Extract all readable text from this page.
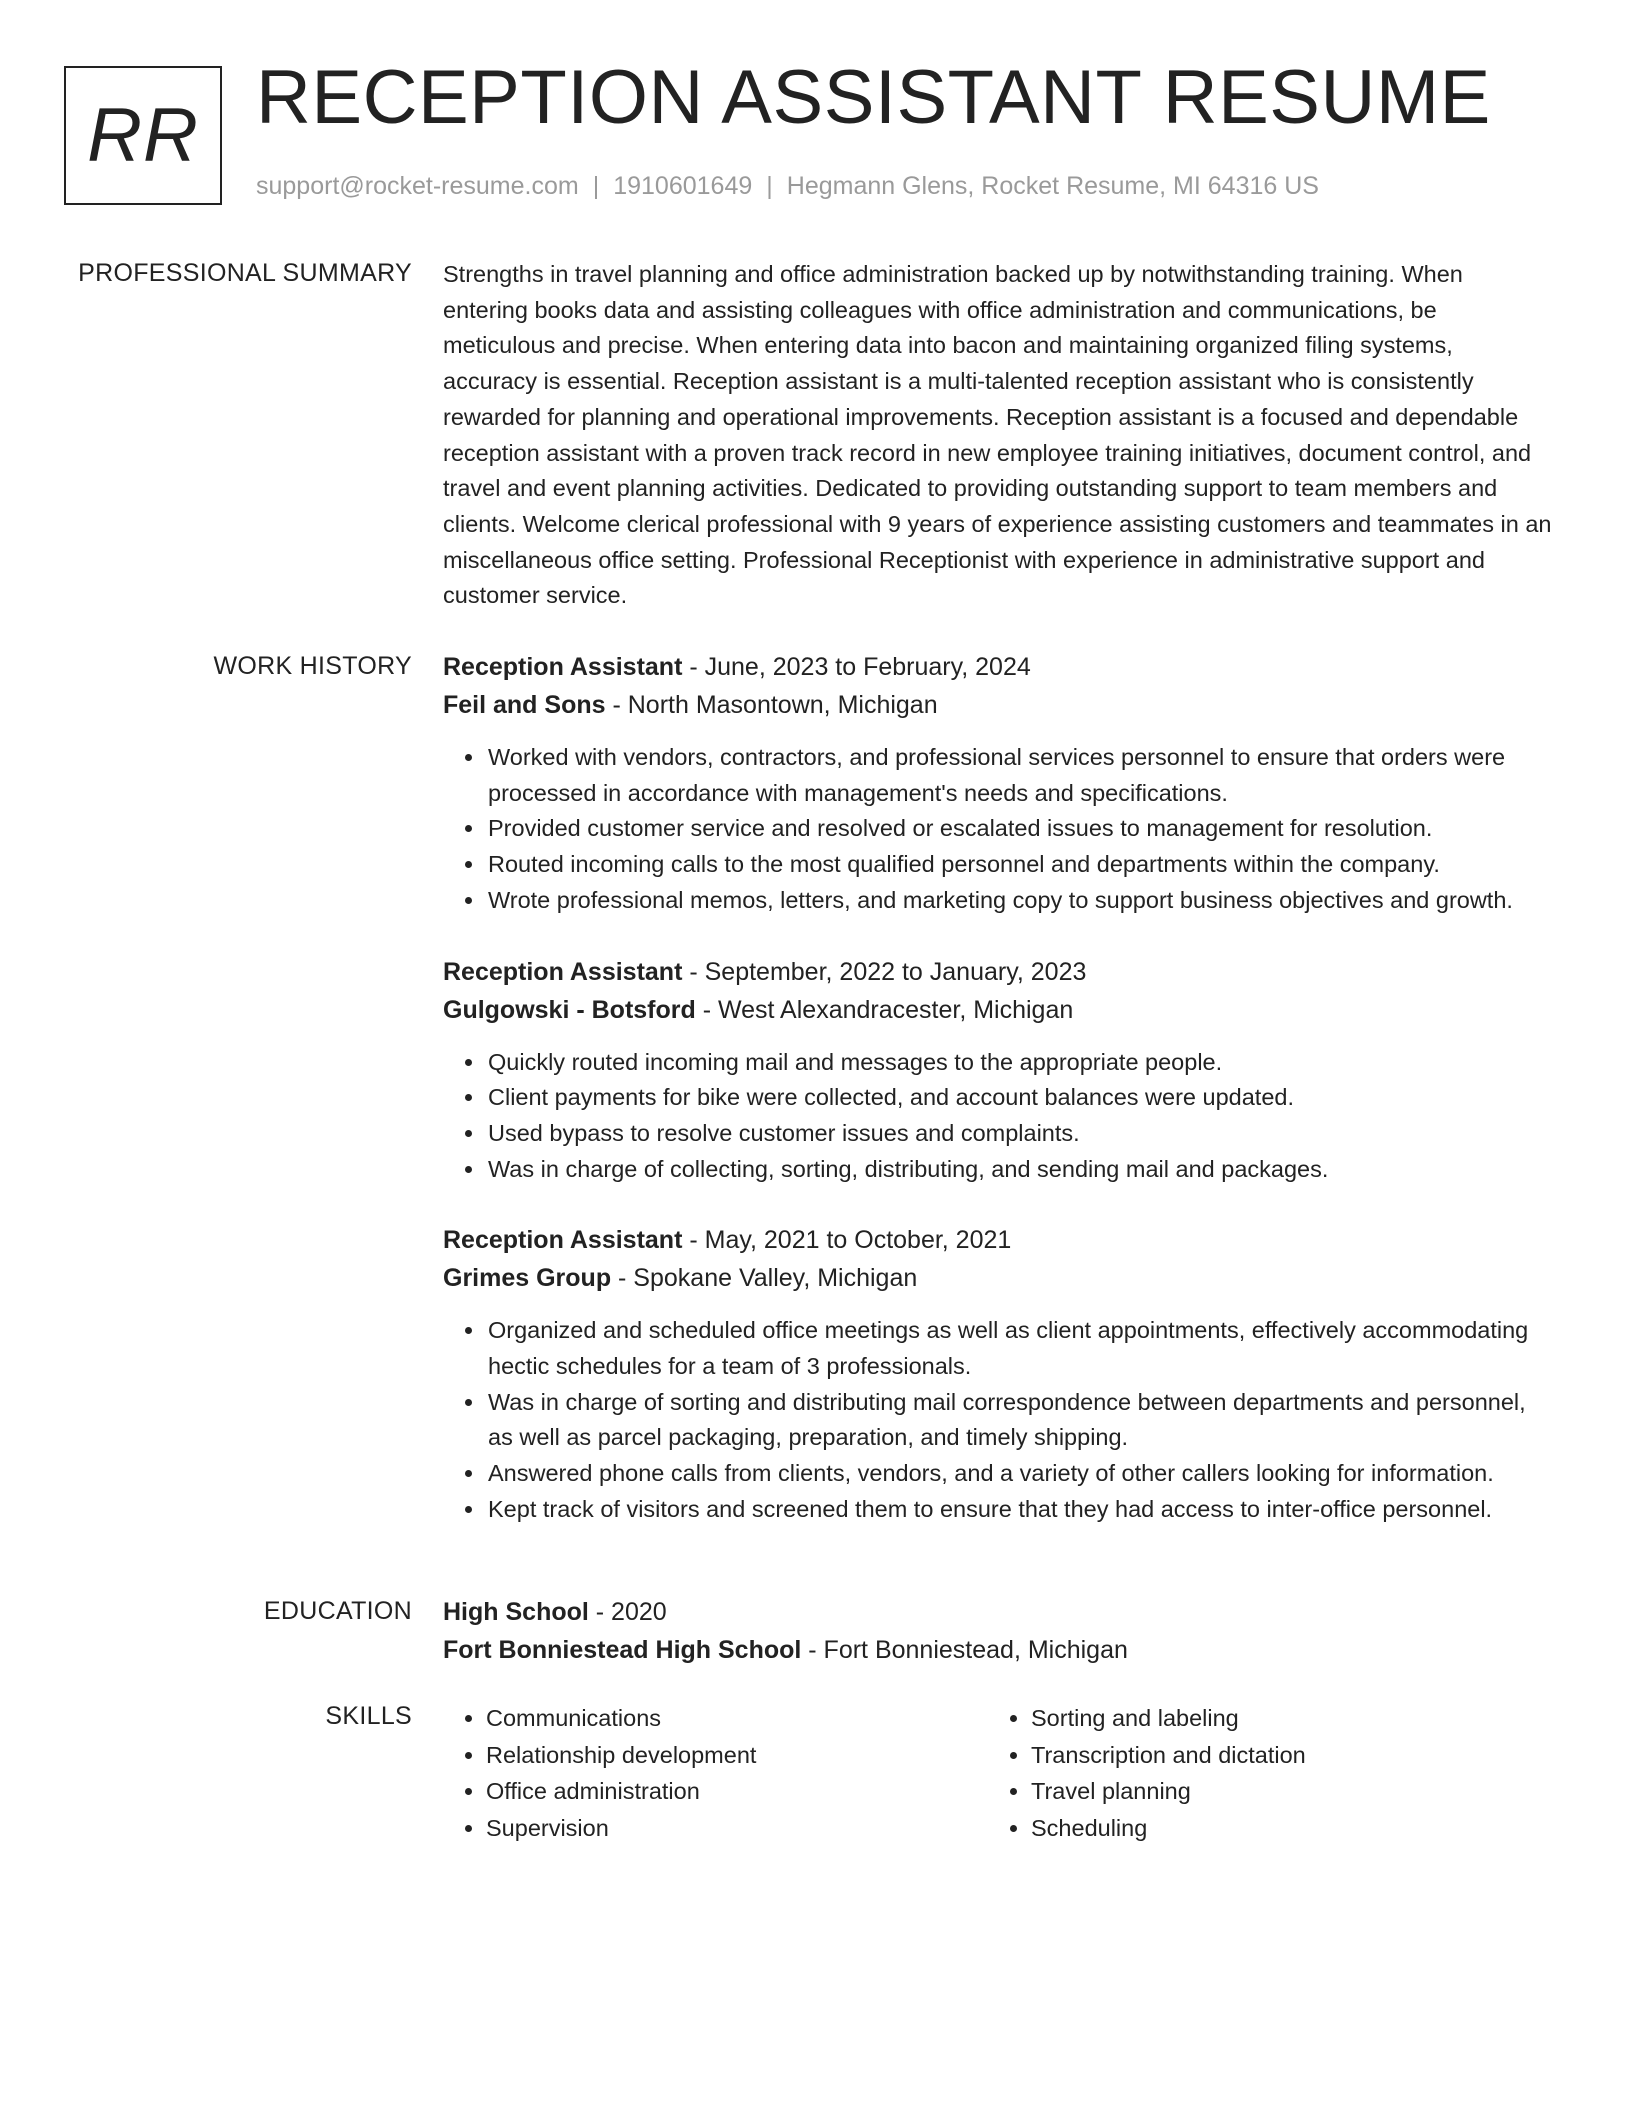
RR RECEPTION ASSISTANT RESUME
support@rocket-resume.com | 1910601649 | Hegmann Glens, Rocket Resume, MI 64316 US
PROFESSIONAL SUMMARY Strengths in travel planning and office administration backed up by notwithstanding training. When entering books data and assisting colleagues with office administration and communications, be meticulous and precise. When entering data into bacon and maintaining organized filing systems, accuracy is essential. Reception assistant is a multi-talented reception assistant who is consistently rewarded for planning and operational improvements. Reception assistant is a focused and dependable reception assistant with a proven track record in new employee training initiatives, document control, and travel and event planning activities. Dedicated to providing outstanding support to team members and clients. Welcome clerical professional with 9 years of experience assisting customers and teammates in an miscellaneous office setting. Professional Receptionist with experience in administrative support and customer service.

WORK HISTORY Reception Assistant - June, 2023 to February, 2024
Feil and Sons - North Masontown, Michigan
• Worked with vendors, contractors, and professional services personnel to ensure that orders were processed in accordance with management's needs and specifications.
• Provided customer service and resolved or escalated issues to management for resolution.
• Routed incoming calls to the most qualified personnel and departments within the company.
• Wrote professional memos, letters, and marketing copy to support business objectives and growth.
Reception Assistant - September, 2022 to January, 2023
Gulgowski - Botsford - West Alexandracester, Michigan
• Quickly routed incoming mail and messages to the appropriate people.
• Client payments for bike were collected, and account balances were updated.
• Used bypass to resolve customer issues and complaints.
• Was in charge of collecting, sorting, distributing, and sending mail and packages.
Reception Assistant - May, 2021 to October, 2021
Grimes Group - Spokane Valley, Michigan
• Organized and scheduled office meetings as well as client appointments, effectively accommodating hectic schedules for a team of 3 professionals.
• Was in charge of sorting and distributing mail correspondence between departments and personnel, as well as parcel packaging, preparation, and timely shipping.
• Answered phone calls from clients, vendors, and a variety of other callers looking for information.
• Kept track of visitors and screened them to ensure that they had access to inter-office personnel.
EDUCATION High School - 2020
Fort Bonniestead High School - Fort Bonniestead, Michigan
SKILLS
•	Communications
• Relationship development
• Office administration
• Supervision
• Sorting and labeling
• Transcription and dictation
• Travel planning
• Scheduling
